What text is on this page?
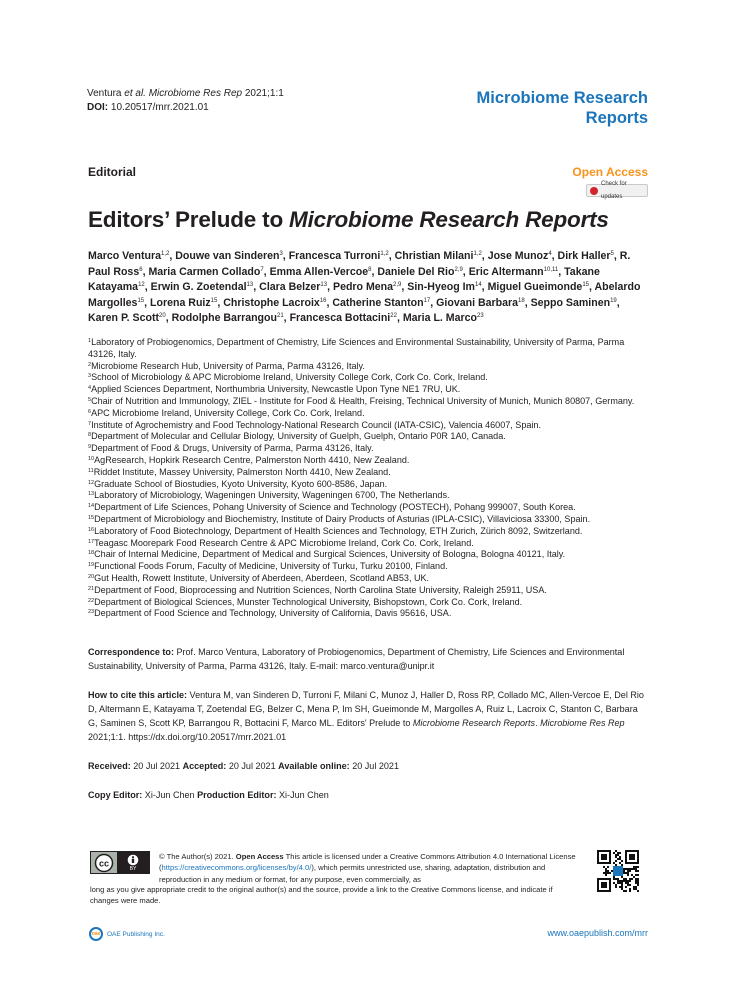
Ventura et al. Microbiome Res Rep 2021;1:1
DOI: 10.20517/mrr.2021.01
Microbiome Research
Reports
Editorial	Open Access
Check for updates
Editors’ Prelude to Microbiome Research Reports
Marco Ventura$^{1,2}$, Douwe van Sinderen$^3$, Francesca Turroni$^{1,2}$, Christian Milani$^{1,2}$, Jose Munoz$^4$, Dirk Haller$^5$, R. Paul Ross$^6$, Maria Carmen Collado$^7$, Emma Allen-Vercoe$^8$, Daniele Del Rio$^{2,9}$, Eric Altermann$^{10,11}$, Takane Katayama$^{12}$, Erwin G. Zoetendal$^{13}$, Clara Belzer$^{13}$, Pedro Mena$^{2,9}$, Sin-Hyeog Im$^{14}$, Miguel Gueimonde$^{15}$, Abelardo Margolles$^{15}$, Lorena Ruiz$^{15}$, Christophe Lacroix$^{16}$, Catherine Stanton$^{17}$, Giovani Barbara$^{18}$, Seppo Saminen$^{19}$, Karen P. Scott$^{20}$, Rodolphe Barrangou$^{21}$, Francesca Bottacini$^{22}$, Maria L. Marco$^{23}$
$^1$Laboratory of Probiogenomics, Department of Chemistry, Life Sciences and Environmental Sustainability, University of Parma, Parma 43126, Italy.
$^2$Microbiome Research Hub, University of Parma, Parma 43126, Italy.
$^3$School of Microbiology & APC Microbiome Ireland, University College Cork, Cork Co. Cork, Ireland.
$^4$Applied Sciences Department, Northumbria University, Newcastle Upon Tyne NE1 7RU, UK.
$^5$Chair of Nutrition and Immunology, ZIEL - Institute for Food & Health, Freising, Technical University of Munich, Munich 80807, Germany.
$^6$APC Microbiome Ireland, University College, Cork Co. Cork, Ireland.
$^7$Institute of Agrochemistry and Food Technology-National Research Council (IATA-CSIC), Valencia 46007, Spain.
$^8$Department of Molecular and Cellular Biology, University of Guelph, Guelph, Ontario P0R 1A0, Canada.
$^9$Department of Food & Drugs, University of Parma, Parma 43126, Italy.
$^{10}$AgResearch, Hopkirk Research Centre, Palmerston North 4410, New Zealand.
$^{11}$Riddet Institute, Massey University, Palmerston North 4410, New Zealand.
$^{12}$Graduate School of Biostudies, Kyoto University, Kyoto 600-8586, Japan.
$^{13}$Laboratory of Microbiology, Wageningen University, Wageningen 6700, The Netherlands.
$^{14}$Department of Life Sciences, Pohang University of Science and Technology (POSTECH), Pohang 999007, South Korea.
$^{15}$Department of Microbiology and Biochemistry, Institute of Dairy Products of Asturias (IPLA-CSIC), Villaviciosa 33300, Spain.
$^{16}$Laboratory of Food Biotechnology, Department of Health Sciences and Technology, ETH Zurich, Zürich 8092, Switzerland.
$^{17}$Teagasc Moorepark Food Research Centre & APC Microbiome Ireland, Cork Co. Cork, Ireland.
$^{18}$Chair of Internal Medicine, Department of Medical and Surgical Sciences, University of Bologna, Bologna 40121, Italy.
$^{19}$Functional Foods Forum, Faculty of Medicine, University of Turku, Turku 20100, Finland.
$^{20}$Gut Health, Rowett Institute, University of Aberdeen, Aberdeen, Scotland AB53, UK.
$^{21}$Department of Food, Bioprocessing and Nutrition Sciences, North Carolina State University, Raleigh 25911, USA.
$^{22}$Department of Biological Sciences, Munster Technological University, Bishopstown, Cork Co. Cork, Ireland.
$^{23}$Department of Food Science and Technology, University of California, Davis 95616, USA.
Correspondence to: Prof. Marco Ventura, Laboratory of Probiogenomics, Department of Chemistry, Life Sciences and Environmental Sustainability, University of Parma, Parma 43126, Italy. E-mail: marco.ventura@unipr.it
How to cite this article: Ventura M, van Sinderen D, Turroni F, Milani C, Munoz J, Haller D, Ross RP, Collado MC, Allen-Vercoe E, Del Rio D, Altermann E, Katayama T, Zoetendal EG, Belzer C, Mena P, Im SH, Gueimonde M, Margolles A, Ruiz L, Lacroix C, Stanton C, Barbara G, Saminen S, Scott KP, Barrangou R, Bottacini F, Marco ML. Editors' Prelude to Microbiome Research Reports. Microbiome Res Rep 2021;1:1. https://dx.doi.org/10.20517/mrr.2021.01
Received: 20 Jul 2021 Accepted: 20 Jul 2021 Available online: 20 Jul 2021
Copy Editor: Xi-Jun Chen Production Editor: Xi-Jun Chen
cc
BY
© The Author(s) 2021. Open Access This article is licensed under a Creative Commons Attribution 4.0 International License (https://creativecommons.org/licenses/by/4.0/), which permits unrestricted use, sharing, adaptation, distribution and reproduction in any medium or format, for any purpose, even commercially, as
long as you give appropriate credit to the original author(s) and the source, provide a link to the Creative Commons license, and indicate if changes were made.
oae	OAE Publishing Inc.	www.oaepublish.com/mrr
